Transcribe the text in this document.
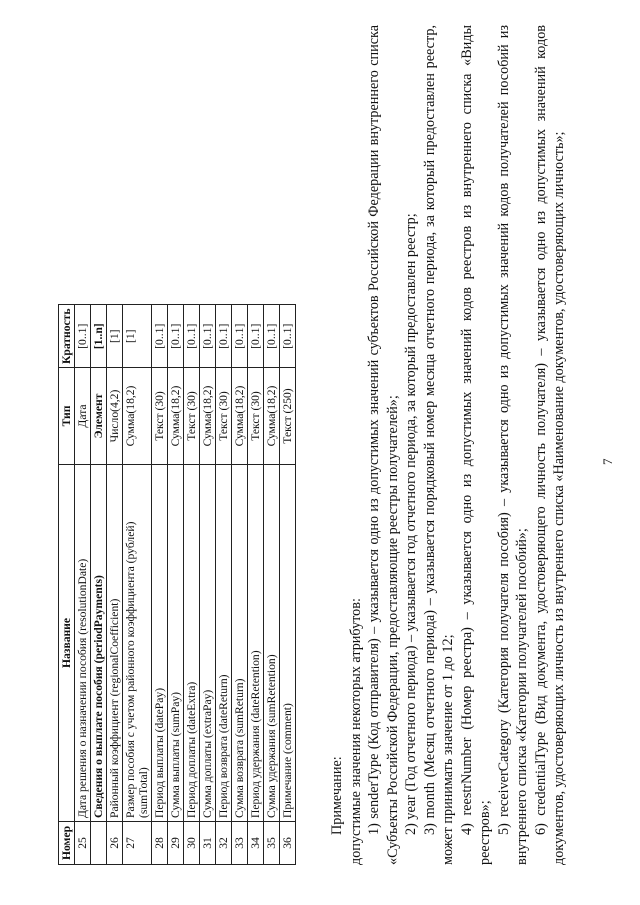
Номер	Название	Тип	Кратность
25	Дата решения о назначении пособия (resolutionDate)	Дата	[0..1]
	Сведения о выплате пособия (periodPayments)	Элемент	[1..n]
26	Районный коэффициент (regionalCoefficient)	Число(4,2)	[1]
27	Размер пособия с учетом районного коэффициента (рублей) (sumTotal)	Сумма(18,2)	[1]
28	Период выплаты (datePay)	Текст (30)	[0..1]
29	Сумма выплаты (sumPay)	Сумма(18,2)	[0..1]
30	Период доплаты (dateExtra)	Текст (30)	[0..1]
31	Сумма доплаты (extraPay)	Сумма(18,2)	[0..1]
32	Период возврата (dateReturn)	Текст (30)	[0..1]
33	Сумма возврата (sumReturn)	Сумма(18,2)	[0..1]
34	Период удержания (dateRetention)	Текст (30)	[0..1]
35	Сумма удержания (sumRetention)	Сумма(18,2)	[0..1]
36	Примечание (comment)	Текст (250)	[0..1]

Примечание: допустимые значения некоторых атрибутов: 1) senderType (Код отправителя) – указывается одно из допустимых значений субъектов Российской Федерации внутреннего списка «Субъекты Российской Федерации, предоставляющие реестры получателей»; 2) year (Год отчетного периода) – указывается год отчетного периода, за который предоставлен реестр; 3) month (Месяц отчетного периода) – указывается порядковый номер месяца отчетного периода, за который предоставлен реестр, может принимать значение от 1 до 12; 4) reestrNumber (Номер реестра) – указывается одно из допустимых значений кодов реестров из внутреннего списка «Виды реестров»; 5) receiverCategory (Категория получателя пособия) – указывается одно из допустимых значений кодов получателей пособий из внутреннего списка «Категории получателей пособий»; 6) credentialType (Вид документа, удостоверяющего личность получателя) – указывается одно из допустимых значений кодов документов, удостоверяющих личность из внутреннего списка «Наименование документов, удостоверяющих личность»;	7
